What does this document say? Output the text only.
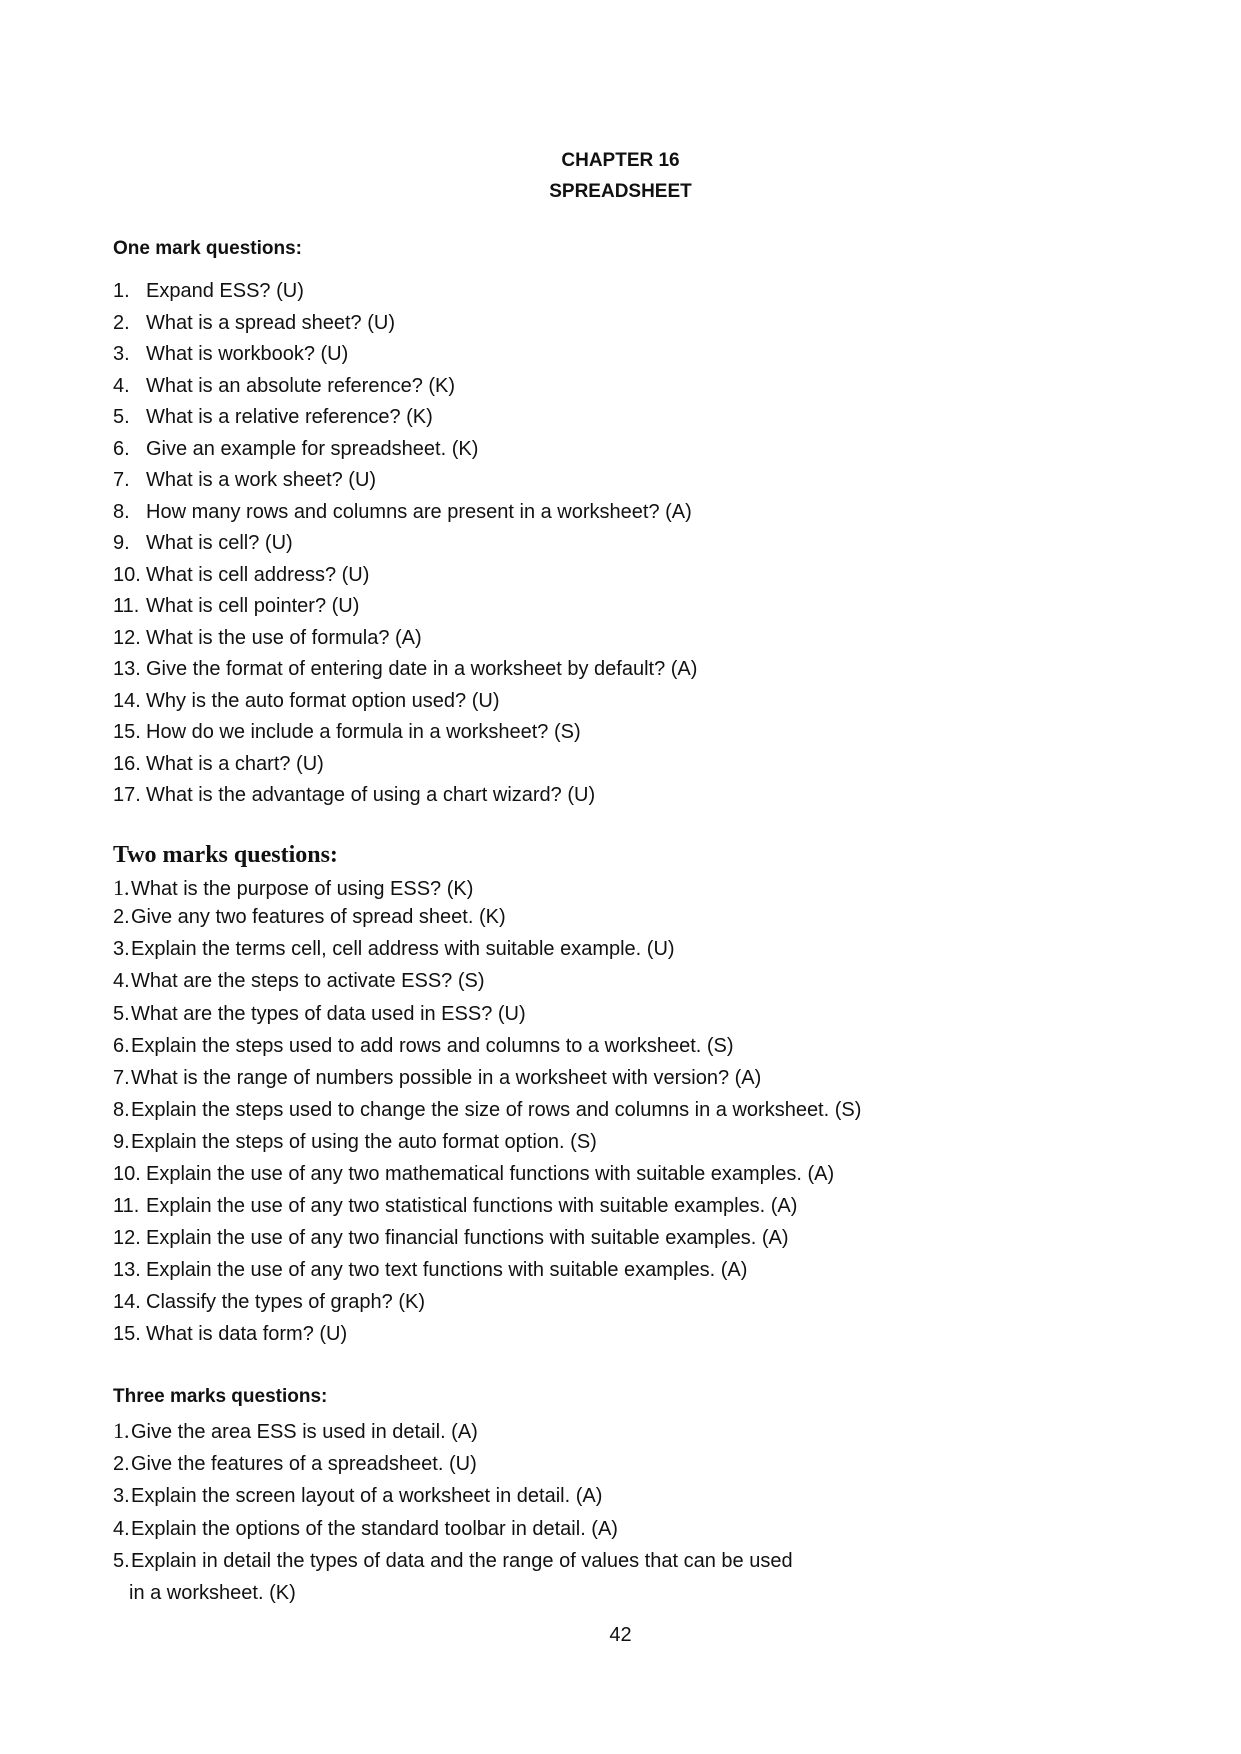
CHAPTER 16
SPREADSHEET
One mark questions:
1. Expand ESS? (U)
2. What is a spread sheet? (U)
3. What is workbook? (U)
4. What is an absolute reference? (K)
5. What is a relative reference? (K)
6. Give an example for spreadsheet. (K)
7. What is a work sheet? (U)
8. How many rows and columns are present in a worksheet? (A)
9. What is cell? (U)
10. What is cell address? (U)
11. What is cell pointer? (U)
12. What is the use of formula? (A)
13. Give the format of entering date in a worksheet by default? (A)
14. Why is the auto format option used? (U)
15. How do we include a formula in a worksheet? (S)
16. What is a chart? (U)
17. What is the advantage of using a chart wizard? (U)
Two marks questions:
1.What is the purpose of using ESS? (K)
2.Give any two features of spread sheet. (K)
3.Explain the terms cell, cell address with suitable example. (U)
4.What are the steps to activate ESS? (S)
5.What are the types of data used in ESS? (U)
6.Explain the steps used to add rows and columns to a worksheet. (S)
7.What is the range of numbers possible in a worksheet with version? (A)
8.Explain the steps used to change the size of rows and columns in a worksheet. (S)
9.Explain the steps of using the auto format option. (S)
10. Explain the use of any two mathematical functions with suitable examples. (A)
11. Explain the use of any two statistical functions with suitable examples. (A)
12. Explain the use of any two financial functions with suitable examples. (A)
13. Explain the use of any two text functions with suitable examples. (A)
14. Classify the types of graph? (K)
15. What is data form? (U)
Three marks questions:
1.Give the area ESS is used in detail. (A)
2.Give the features of a spreadsheet. (U)
3.Explain the screen layout of a worksheet in detail. (A)
4.Explain the options of the standard toolbar in detail. (A)
5.Explain in detail the types of data and the range of values that can be used
in a worksheet. (K)
42
